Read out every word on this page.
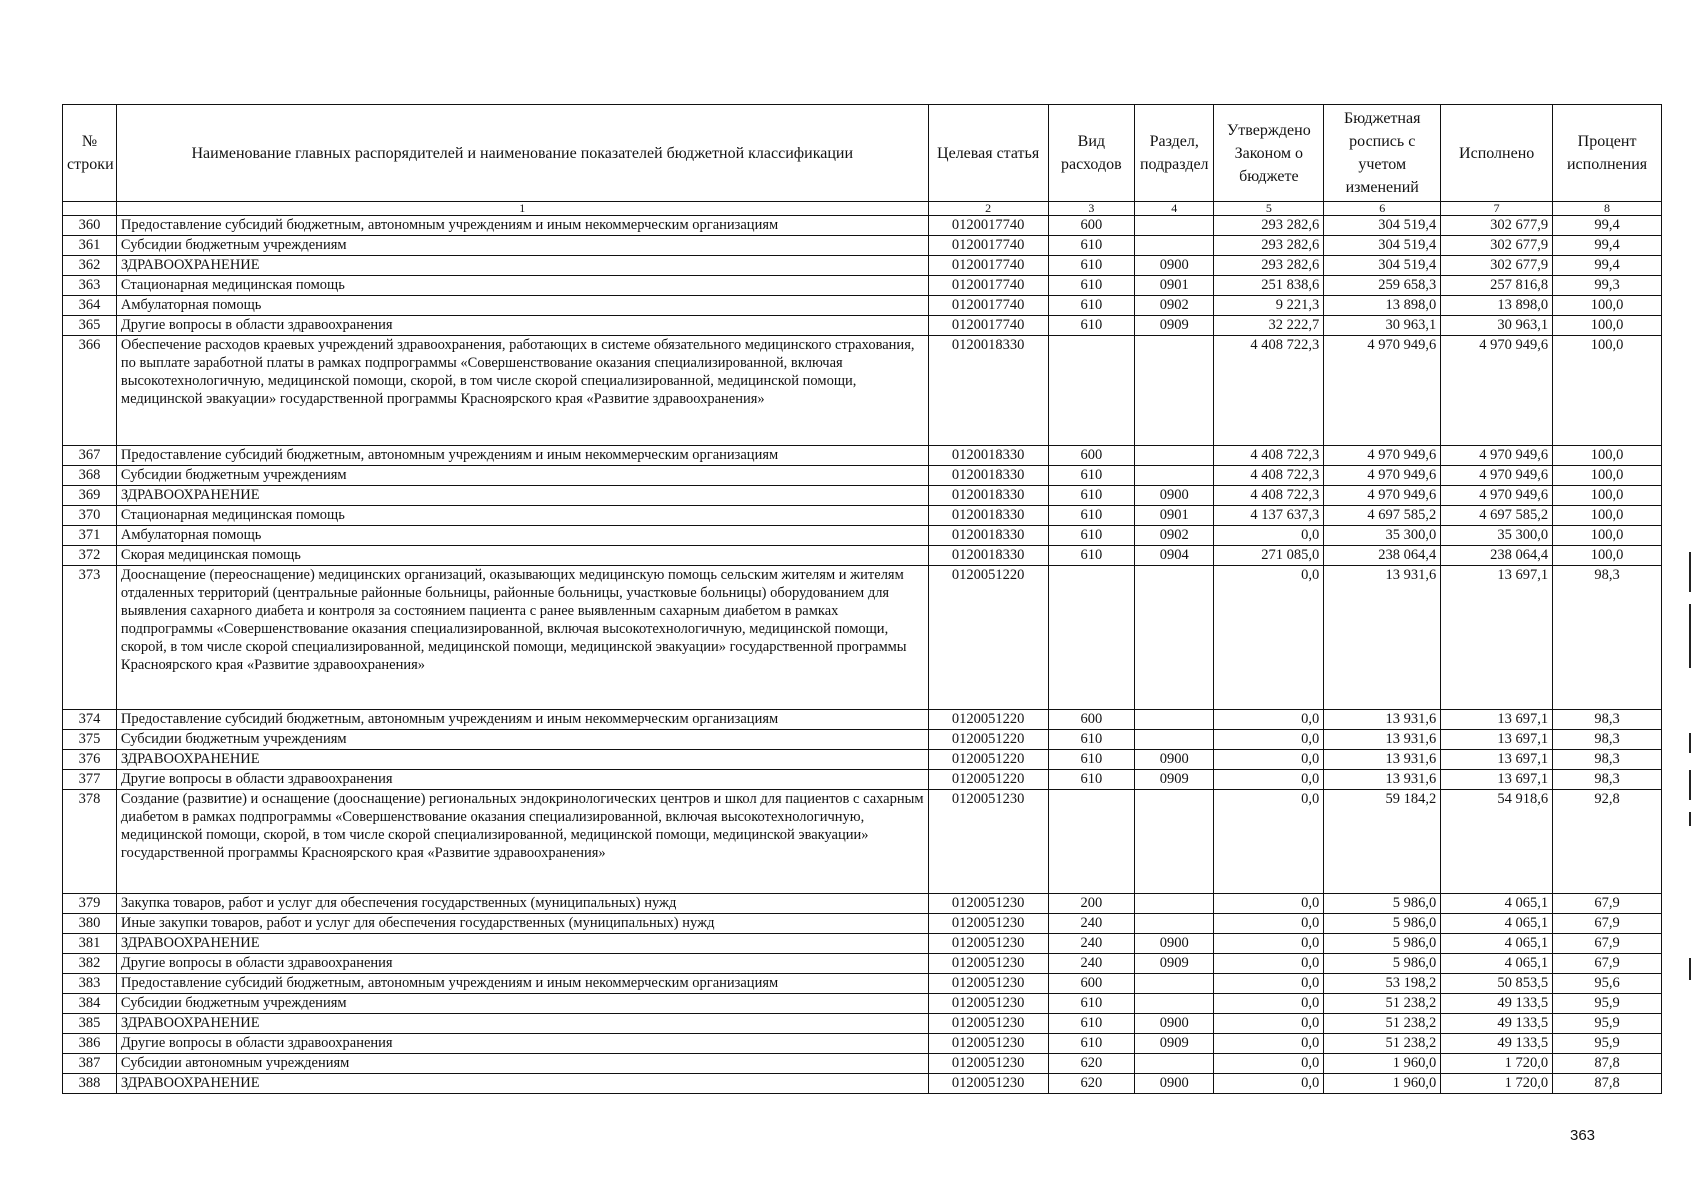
№ строки	Наименование главных распорядителей и наименование показателей бюджетной классификации	Целевая статья	Вид расходов	Раздел, подраздел	Утверждено Законом о бюджете	Бюджетная роспись с учетом изменений	Исполнено	Процент исполнения
	1	2	3	4	5	6	7	8
360	Предоставление субсидий бюджетным, автономным учреждениям и иным некоммерческим организациям	0120017740	600		293 282,6	304 519,4	302 677,9	99,4
361	Субсидии бюджетным учреждениям	0120017740	610		293 282,6	304 519,4	302 677,9	99,4
362	ЗДРАВООХРАНЕНИЕ	0120017740	610	0900	293 282,6	304 519,4	302 677,9	99,4
363	Стационарная медицинская помощь	0120017740	610	0901	251 838,6	259 658,3	257 816,8	99,3
364	Амбулаторная помощь	0120017740	610	0902	9 221,3	13 898,0	13 898,0	100,0
365	Другие вопросы в области здравоохранения	0120017740	610	0909	32 222,7	30 963,1	30 963,1	100,0
366	Обеспечение расходов краевых учреждений здравоохранения, работающих в системе обязательного медицинского страхования, по выплате заработной платы в рамках подпрограммы «Совершенствование оказания специализированной, включая высокотехнологичную, медицинской помощи, скорой, в том числе скорой специализированной, медицинской помощи, медицинской эвакуации» государственной программы Красноярского края «Развитие здравоохранения»	0120018330			4 408 722,3	4 970 949,6	4 970 949,6	100,0
367	Предоставление субсидий бюджетным, автономным учреждениям и иным некоммерческим организациям	0120018330	600		4 408 722,3	4 970 949,6	4 970 949,6	100,0
368	Субсидии бюджетным учреждениям	0120018330	610		4 408 722,3	4 970 949,6	4 970 949,6	100,0
369	ЗДРАВООХРАНЕНИЕ	0120018330	610	0900	4 408 722,3	4 970 949,6	4 970 949,6	100,0
370	Стационарная медицинская помощь	0120018330	610	0901	4 137 637,3	4 697 585,2	4 697 585,2	100,0
371	Амбулаторная помощь	0120018330	610	0902	0,0	35 300,0	35 300,0	100,0
372	Скорая медицинская помощь	0120018330	610	0904	271 085,0	238 064,4	238 064,4	100,0
373	Дооснащение (переоснащение) медицинских организаций, оказывающих медицинскую помощь сельским жителям и жителям отдаленных территорий (центральные районные больницы, районные больницы, участковые больницы) оборудованием для выявления сахарного диабета и контроля за состоянием пациента с ранее выявленным сахарным диабетом в рамках подпрограммы «Совершенствование оказания специализированной, включая высокотехнологичную, медицинской помощи, скорой, в том числе скорой специализированной, медицинской помощи, медицинской эвакуации» государственной программы Красноярского края «Развитие здравоохранения»	0120051220			0,0	13 931,6	13 697,1	98,3
374	Предоставление субсидий бюджетным, автономным учреждениям и иным некоммерческим организациям	0120051220	600		0,0	13 931,6	13 697,1	98,3
375	Субсидии бюджетным учреждениям	0120051220	610		0,0	13 931,6	13 697,1	98,3
376	ЗДРАВООХРАНЕНИЕ	0120051220	610	0900	0,0	13 931,6	13 697,1	98,3
377	Другие вопросы в области здравоохранения	0120051220	610	0909	0,0	13 931,6	13 697,1	98,3
378	Создание (развитие) и оснащение (дооснащение) региональных эндокринологических центров и школ для пациентов с сахарным диабетом в рамках подпрограммы «Совершенствование оказания специализированной, включая высокотехнологичную, медицинской помощи, скорой, в том числе скорой специализированной, медицинской помощи, медицинской эвакуации» государственной программы Красноярского края «Развитие здравоохранения»	0120051230			0,0	59 184,2	54 918,6	92,8
379	Закупка товаров, работ и услуг для обеспечения государственных (муниципальных) нужд	0120051230	200		0,0	5 986,0	4 065,1	67,9
380	Иные закупки товаров, работ и услуг для обеспечения государственных (муниципальных) нужд	0120051230	240		0,0	5 986,0	4 065,1	67,9
381	ЗДРАВООХРАНЕНИЕ	0120051230	240	0900	0,0	5 986,0	4 065,1	67,9
382	Другие вопросы в области здравоохранения	0120051230	240	0909	0,0	5 986,0	4 065,1	67,9
383	Предоставление субсидий бюджетным, автономным учреждениям и иным некоммерческим организациям	0120051230	600		0,0	53 198,2	50 853,5	95,6
384	Субсидии бюджетным учреждениям	0120051230	610		0,0	51 238,2	49 133,5	95,9
385	ЗДРАВООХРАНЕНИЕ	0120051230	610	0900	0,0	51 238,2	49 133,5	95,9
386	Другие вопросы в области здравоохранения	0120051230	610	0909	0,0	51 238,2	49 133,5	95,9
387	Субсидии автономным учреждениям	0120051230	620		0,0	1 960,0	1 720,0	87,8
388	ЗДРАВООХРАНЕНИЕ	0120051230	620	0900	0,0	1 960,0	1 720,0	87,8
363
